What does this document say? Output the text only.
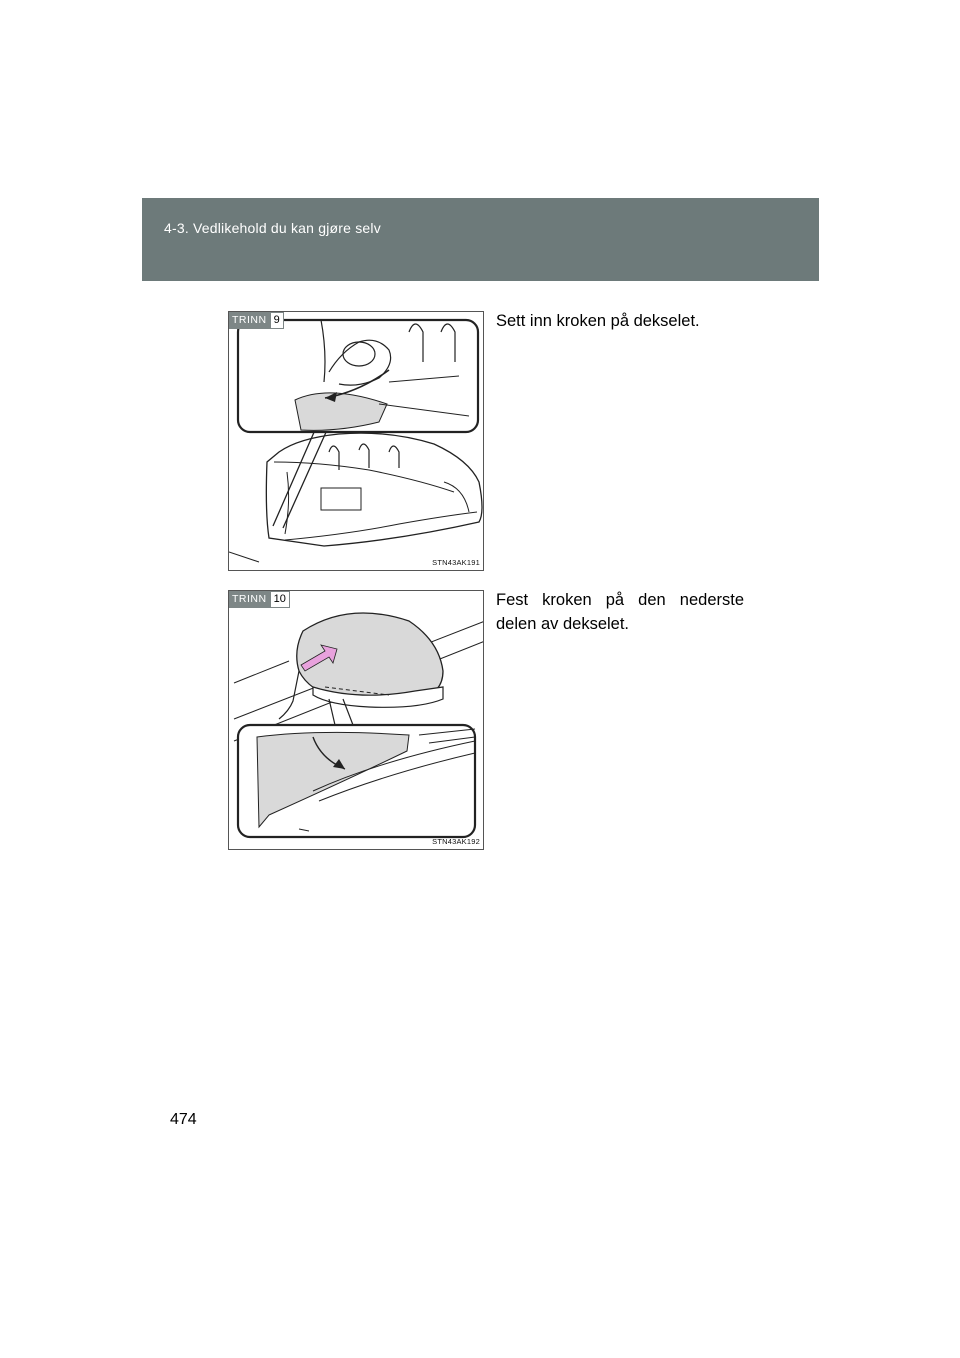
4-3. Vedlikehold du kan gjøre selv
TRINN 9
STN43AK191
Sett inn kroken på dekselet.
TRINN 10
STN43AK192
Fest kroken på den nederste delen av dekselet.
474
